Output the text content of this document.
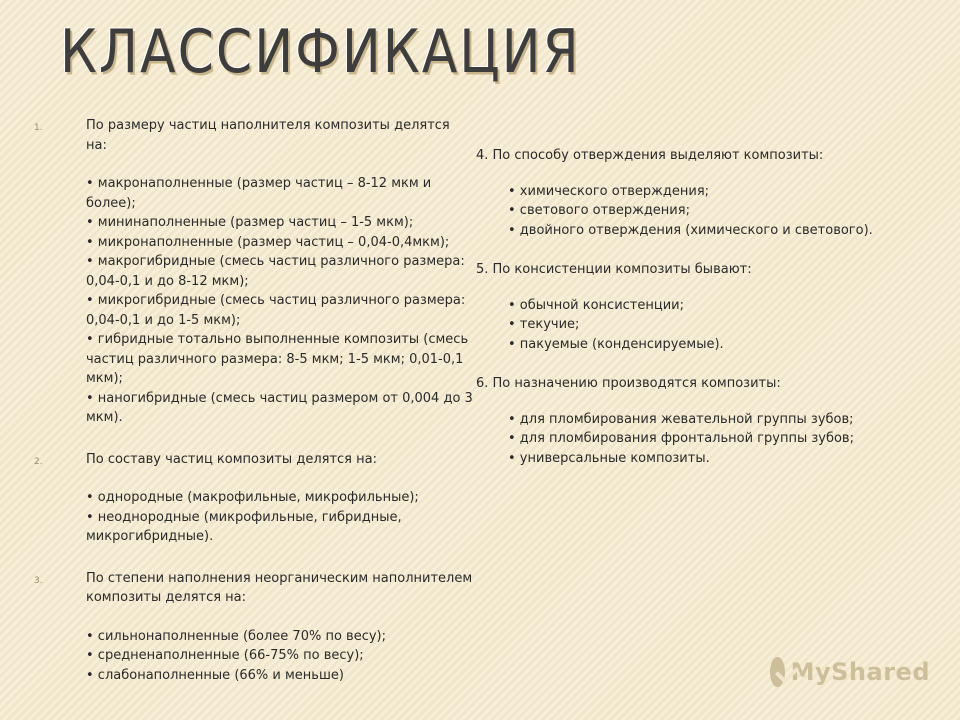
КЛАССИФИКАЦИЯ
1.	По размеру частиц наполнителя композиты делятся на:
• макронаполненные (размер частиц – 8-12 мкм и более);
• мининаполненные (размер частиц – 1-5 мкм);
• микронаполненные (размер частиц – 0,04-0,4мкм);
• макрогибридные (смесь частиц различного размера: 0,04-0,1 и до 8-12 мкм);
• микрогибридные (смесь частиц различного размера: 0,04-0,1 и до 1-5 мкм);
• гибридные тотально выполненные композиты (смесь частиц различного размера: 8-5 мкм; 1-5 мкм; 0,01-0,1 мкм);
• наногибридные (смесь частиц размером от 0,004 до 3 мкм).
2.	По составу частиц композиты делятся на:
• однородные (макрофильные, микрофильные);
• неоднородные (микрофильные, гибридные, микрогибридные).
3.	По степени наполнения неорганическим наполнителем композиты делятся на:
• сильнонаполненные (более 70% по весу);
• средненаполненные (66-75% по весу);
• слабонаполненные (66% и меньше)
4. По способу отверждения выделяют композиты:
• химического отверждения;
• светового отверждения;
• двойного отверждения (химического и светового).
5. По консистенции композиты бывают:
• обычной консистенции;
• текучие;
• пакуемые (конденсируемые).
6. По назначению производятся композиты:
• для пломбирования жевательной группы зубов;
• для пломбирования фронтальной группы зубов;
• универсальные композиты.
MyShared
